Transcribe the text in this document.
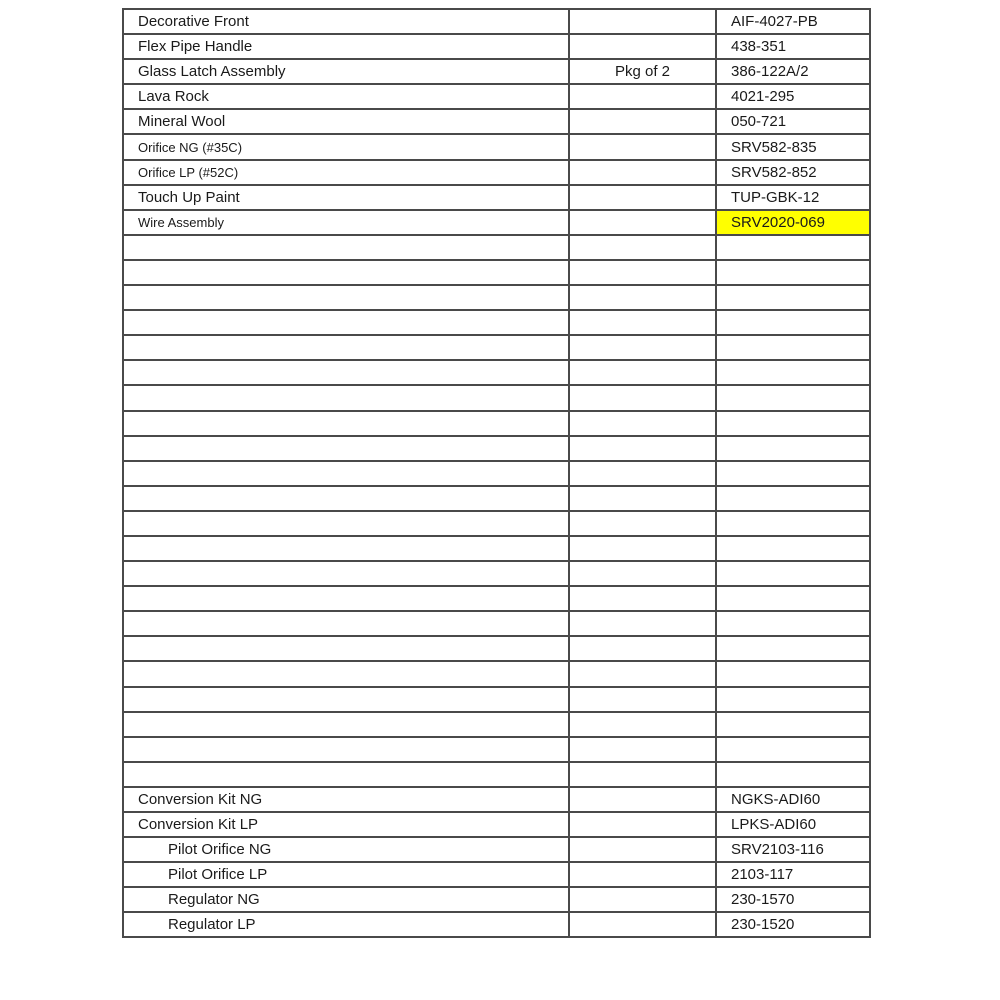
Decorative Front		AIF-4027-PB
Flex Pipe Handle		438-351
Glass Latch Assembly	Pkg of 2	386-122A/2
Lava Rock		4021-295
Mineral Wool		050-721
Orifice NG (#35C)		SRV582-835
Orifice LP (#52C)		SRV582-852
Touch Up Paint		TUP-GBK-12
Wire Assembly		SRV2020-069

Conversion Kit NG		NGKS-ADI60
Conversion Kit LP		LPKS-ADI60
Pilot Orifice NG		SRV2103-116
Pilot Orifice LP		2103-117
Regulator NG		230-1570
Regulator LP		230-1520
